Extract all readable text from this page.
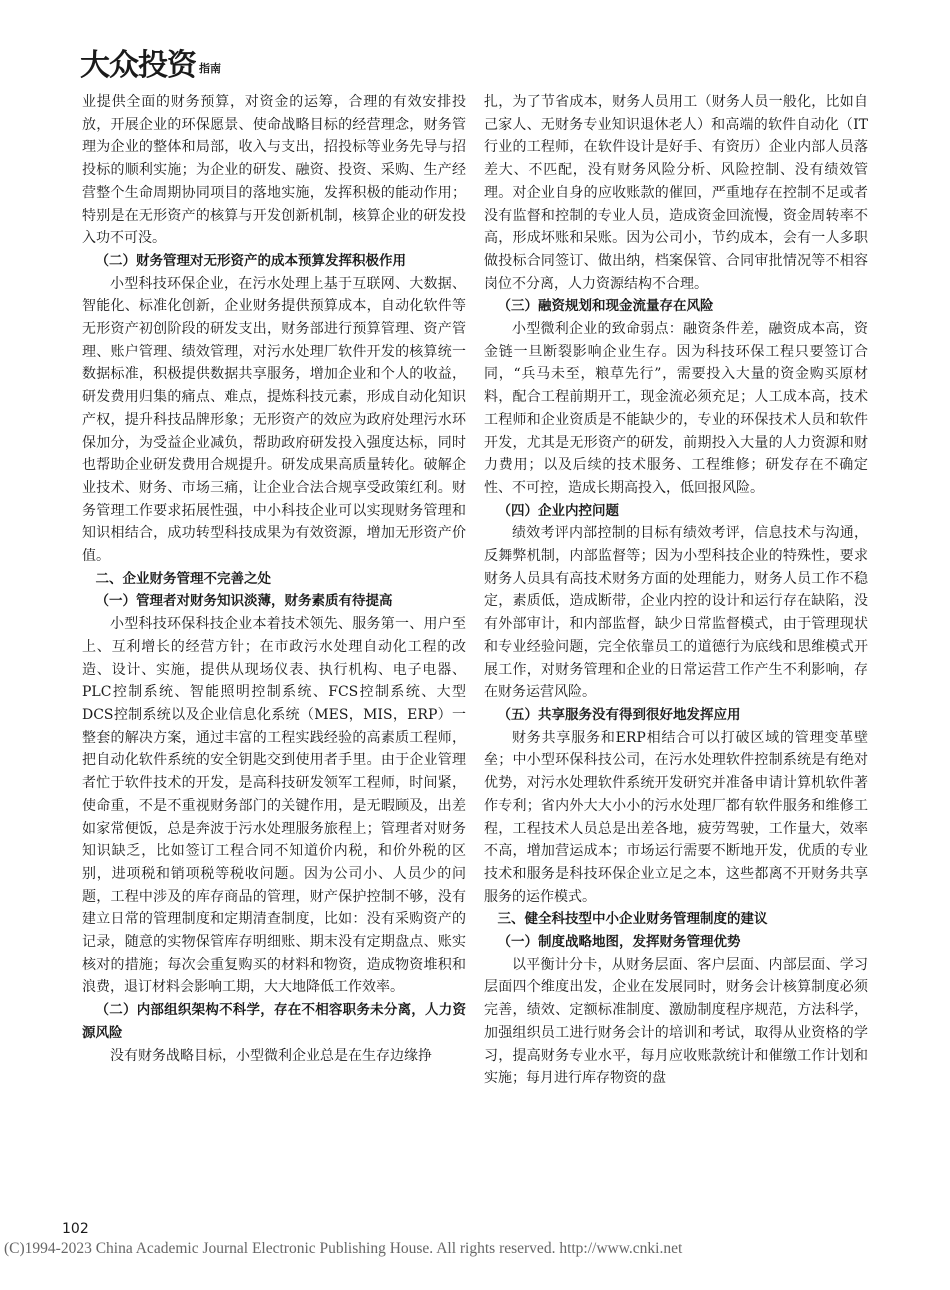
大众投资 指南

业提供全面的财务预算，对资金的运筹，合理的有效安排投放，开展企业的环保愿景、使命战略目标的经营理念，财务管理为企业的整体和局部，收入与支出，招投标等业务先导与招投标的顺利实施；为企业的研发、融资、投资、采购、生产经营整个生命周期协同项目的落地实施，发挥积极的能动作用；特别是在无形资产的核算与开发创新机制，核算企业的研发投入功不可没。

（二）财务管理对无形资产的成本预算发挥积极作用

小型科技环保企业，在污水处理上基于互联网、大数据、智能化、标准化创新，企业财务提供预算成本，自动化软件等无形资产初创阶段的研发支出，财务部进行预算管理、资产管理、账户管理、绩效管理，对污水处理厂软件开发的核算统一数据标准，积极提供数据共享服务，增加企业和个人的收益，研发费用归集的痛点、难点，提炼科技元素，形成自动化知识产权，提升科技品牌形象；无形资产的效应为政府处理污水环保加分，为受益企业减负，帮助政府研发投入强度达标，同时也帮助企业研发费用合规提升。研发成果高质量转化。破解企业技术、财务、市场三痛，让企业合法合规享受政策红利。财务管理工作要求拓展性强，中小科技企业可以实现财务管理和知识相结合，成功转型科技成果为有效资源，增加无形资产价值。

二、企业财务管理不完善之处

（一）管理者对财务知识淡薄，财务素质有待提高

小型科技环保科技企业本着技术领先、服务第一、用户至上、互利增长的经营方针；在市政污水处理自动化工程的改造、设计、实施，提供从现场仪表、执行机构、电子电器、PLC控制系统、智能照明控制系统、FCS控制系统、大型DCS控制系统以及企业信息化系统（MES，MIS，ERP）一整套的解决方案，通过丰富的工程实践经验的高素质工程师，把自动化软件系统的安全钥匙交到使用者手里。由于企业管理者忙于软件技术的开发，是高科技研发领军工程师，时间紧，使命重，不是不重视财务部门的关键作用，是无暇顾及，出差如家常便饭，总是奔波于污水处理服务旅程上；管理者对财务知识缺乏，比如签订工程合同不知道价内税，和价外税的区别，进项税和销项税等税收问题。因为公司小、人员少的问题，工程中涉及的库存商品的管理，财产保护控制不够，没有建立日常的管理制度和定期清查制度，比如：没有采购资产的记录，随意的实物保管库存明细账、期末没有定期盘点、账实核对的措施；每次会重复购买的材料和物资，造成物资堆积和浪费，退订材料会影响工期，大大地降低工作效率。

（二）内部组织架构不科学，存在不相容职务未分离，人力资源风险

没有财务战略目标，小型微利企业总是在生存边缘挣

扎，为了节省成本，财务人员用工（财务人员一般化，比如自己家人、无财务专业知识退休老人）和高端的软件自动化（IT行业的工程师，在软件设计是好手、有资历）企业内部人员落差大、不匹配，没有财务风险分析、风险控制、没有绩效管理。对企业自身的应收账款的催回，严重地存在控制不足或者没有监督和控制的专业人员，造成资金回流慢，资金周转率不高，形成坏账和呆账。因为公司小，节约成本，会有一人多职做投标合同签订、做出纳，档案保管、合同审批情况等不相容岗位不分离，人力资源结构不合理。

（三）融资规划和现金流量存在风险

小型微利企业的致命弱点：融资条件差，融资成本高，资金链一旦断裂影响企业生存。因为科技环保工程只要签订合同，“兵马未至，粮草先行”，需要投入大量的资金购买原材料，配合工程前期开工，现金流必须充足；人工成本高，技术工程师和企业资质是不能缺少的，专业的环保技术人员和软件开发，尤其是无形资产的研发，前期投入大量的人力资源和财力费用；以及后续的技术服务、工程维修；研发存在不确定性、不可控，造成长期高投入，低回报风险。

（四）企业内控问题

绩效考评内部控制的目标有绩效考评，信息技术与沟通，反舞弊机制，内部监督等；因为小型科技企业的特殊性，要求财务人员具有高技术财务方面的处理能力，财务人员工作不稳定，素质低，造成断带，企业内控的设计和运行存在缺陷，没有外部审计，和内部监督，缺少日常监督模式，由于管理现状和专业经验问题，完全依靠员工的道德行为底线和思维模式开展工作，对财务管理和企业的日常运营工作产生不利影响，存在财务运营风险。

（五）共享服务没有得到很好地发挥应用

财务共享服务和ERP相结合可以打破区域的管理变革壁垒；中小型环保科技公司，在污水处理软件控制系统是有绝对优势，对污水处理软件系统开发研究并准备申请计算机软件著作专利；省内外大大小小的污水处理厂都有软件服务和维修工程，工程技术人员总是出差各地，疲劳驾驶，工作量大，效率不高，增加营运成本；市场运行需要不断地开发，优质的专业技术和服务是科技环保企业立足之本，这些都离不开财务共享服务的运作模式。

三、健全科技型中小企业财务管理制度的建议

（一）制度战略地图，发挥财务管理优势

以平衡计分卡，从财务层面、客户层面、内部层面、学习层面四个维度出发，企业在发展同时，财务会计核算制度必须完善，绩效、定额标准制度、激励制度程序规范，方法科学，加强组织员工进行财务会计的培训和考试，取得从业资格的学习，提高财务专业水平，每月应收账款统计和催缴工作计划和实施；每月进行库存物资的盘

102
(C)1994-2023 China Academic Journal Electronic Publishing House. All rights reserved. http://www.cnki.net
